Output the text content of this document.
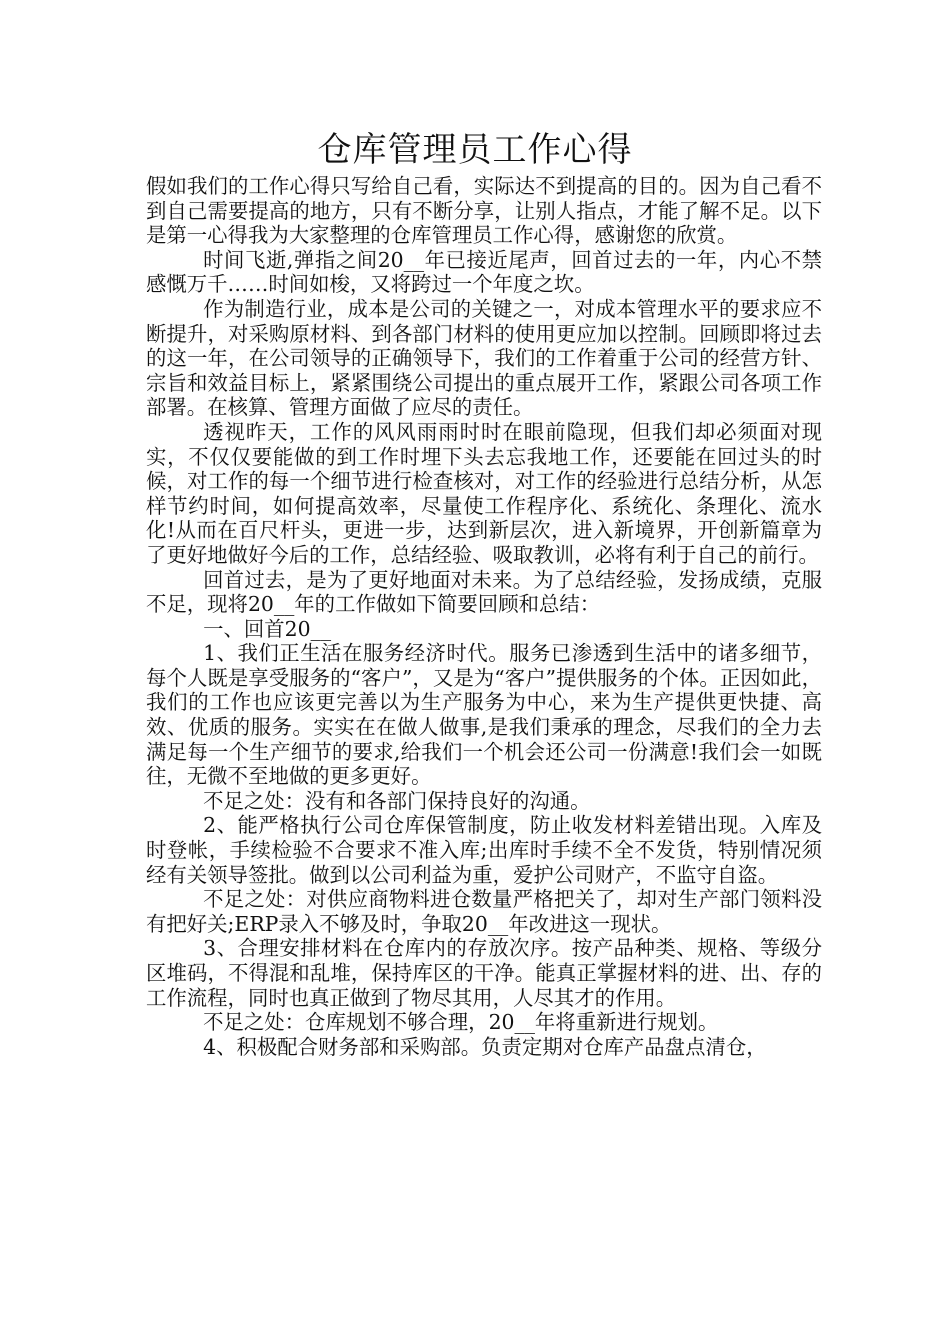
仓库管理员工作心得

假如我们的工作心得只写给自己看，实际达不到提高的目的。因为自己看不到自己需要提高的地方，只有不断分享，让别人指点，才能了解不足。以下是第一心得我为大家整理的仓库管理员工作心得，感谢您的欣赏。

时间飞逝,弹指之间20__年已接近尾声，回首过去的一年，内心不禁感慨万千……时间如梭，又将跨过一个年度之坎。

作为制造行业，成本是公司的关键之一，对成本管理水平的要求应不断提升，对采购原材料、到各部门材料的使用更应加以控制。回顾即将过去的这一年，在公司领导的正确领导下，我们的工作着重于公司的经营方针、宗旨和效益目标上，紧紧围绕公司提出的重点展开工作，紧跟公司各项工作部署。在核算、管理方面做了应尽的责任。

透视昨天，工作的风风雨雨时时在眼前隐现，但我们却必须面对现实，不仅仅要能做的到工作时埋下头去忘我地工作，还要能在回过头的时候，对工作的每一个细节进行检查核对，对工作的经验进行总结分析，从怎样节约时间，如何提高效率，尽量使工作程序化、系统化、条理化、流水化!从而在百尺杆头，更进一步，达到新层次，进入新境界，开创新篇章为了更好地做好今后的工作，总结经验、吸取教训，必将有利于自己的前行。

回首过去，是为了更好地面对未来。为了总结经验，发扬成绩，克服不足，现将20__年的工作做如下简要回顾和总结：

一、回首20__

1、我们正生活在服务经济时代。服务已渗透到生活中的诸多细节，每个人既是享受服务的“客户”，又是为“客户”提供服务的个体。正因如此，我们的工作也应该更完善以为生产服务为中心，来为生产提供更快捷、高效、优质的服务。实实在在做人做事,是我们秉承的理念，尽我们的全力去满足每一个生产细节的要求,给我们一个机会还公司一份满意!我们会一如既往，无微不至地做的更多更好。

不足之处：没有和各部门保持良好的沟通。

2、能严格执行公司仓库保管制度，防止收发材料差错出现。入库及时登帐，手续检验不合要求不准入库;出库时手续不全不发货，特别情况须经有关领导签批。做到以公司利益为重，爱护公司财产，不监守自盗。

不足之处：对供应商物料进仓数量严格把关了，却对生产部门领料没有把好关;ERP录入不够及时，争取20__年改进这一现状。

3、合理安排材料在仓库内的存放次序。按产品种类、规格、等级分区堆码，不得混和乱堆，保持库区的干净。能真正掌握材料的进、出、存的工作流程，同时也真正做到了物尽其用，人尽其才的作用。

不足之处：仓库规划不够合理，20__年将重新进行规划。

4、积极配合财务部和采购部。负责定期对仓库产品盘点清仓，
